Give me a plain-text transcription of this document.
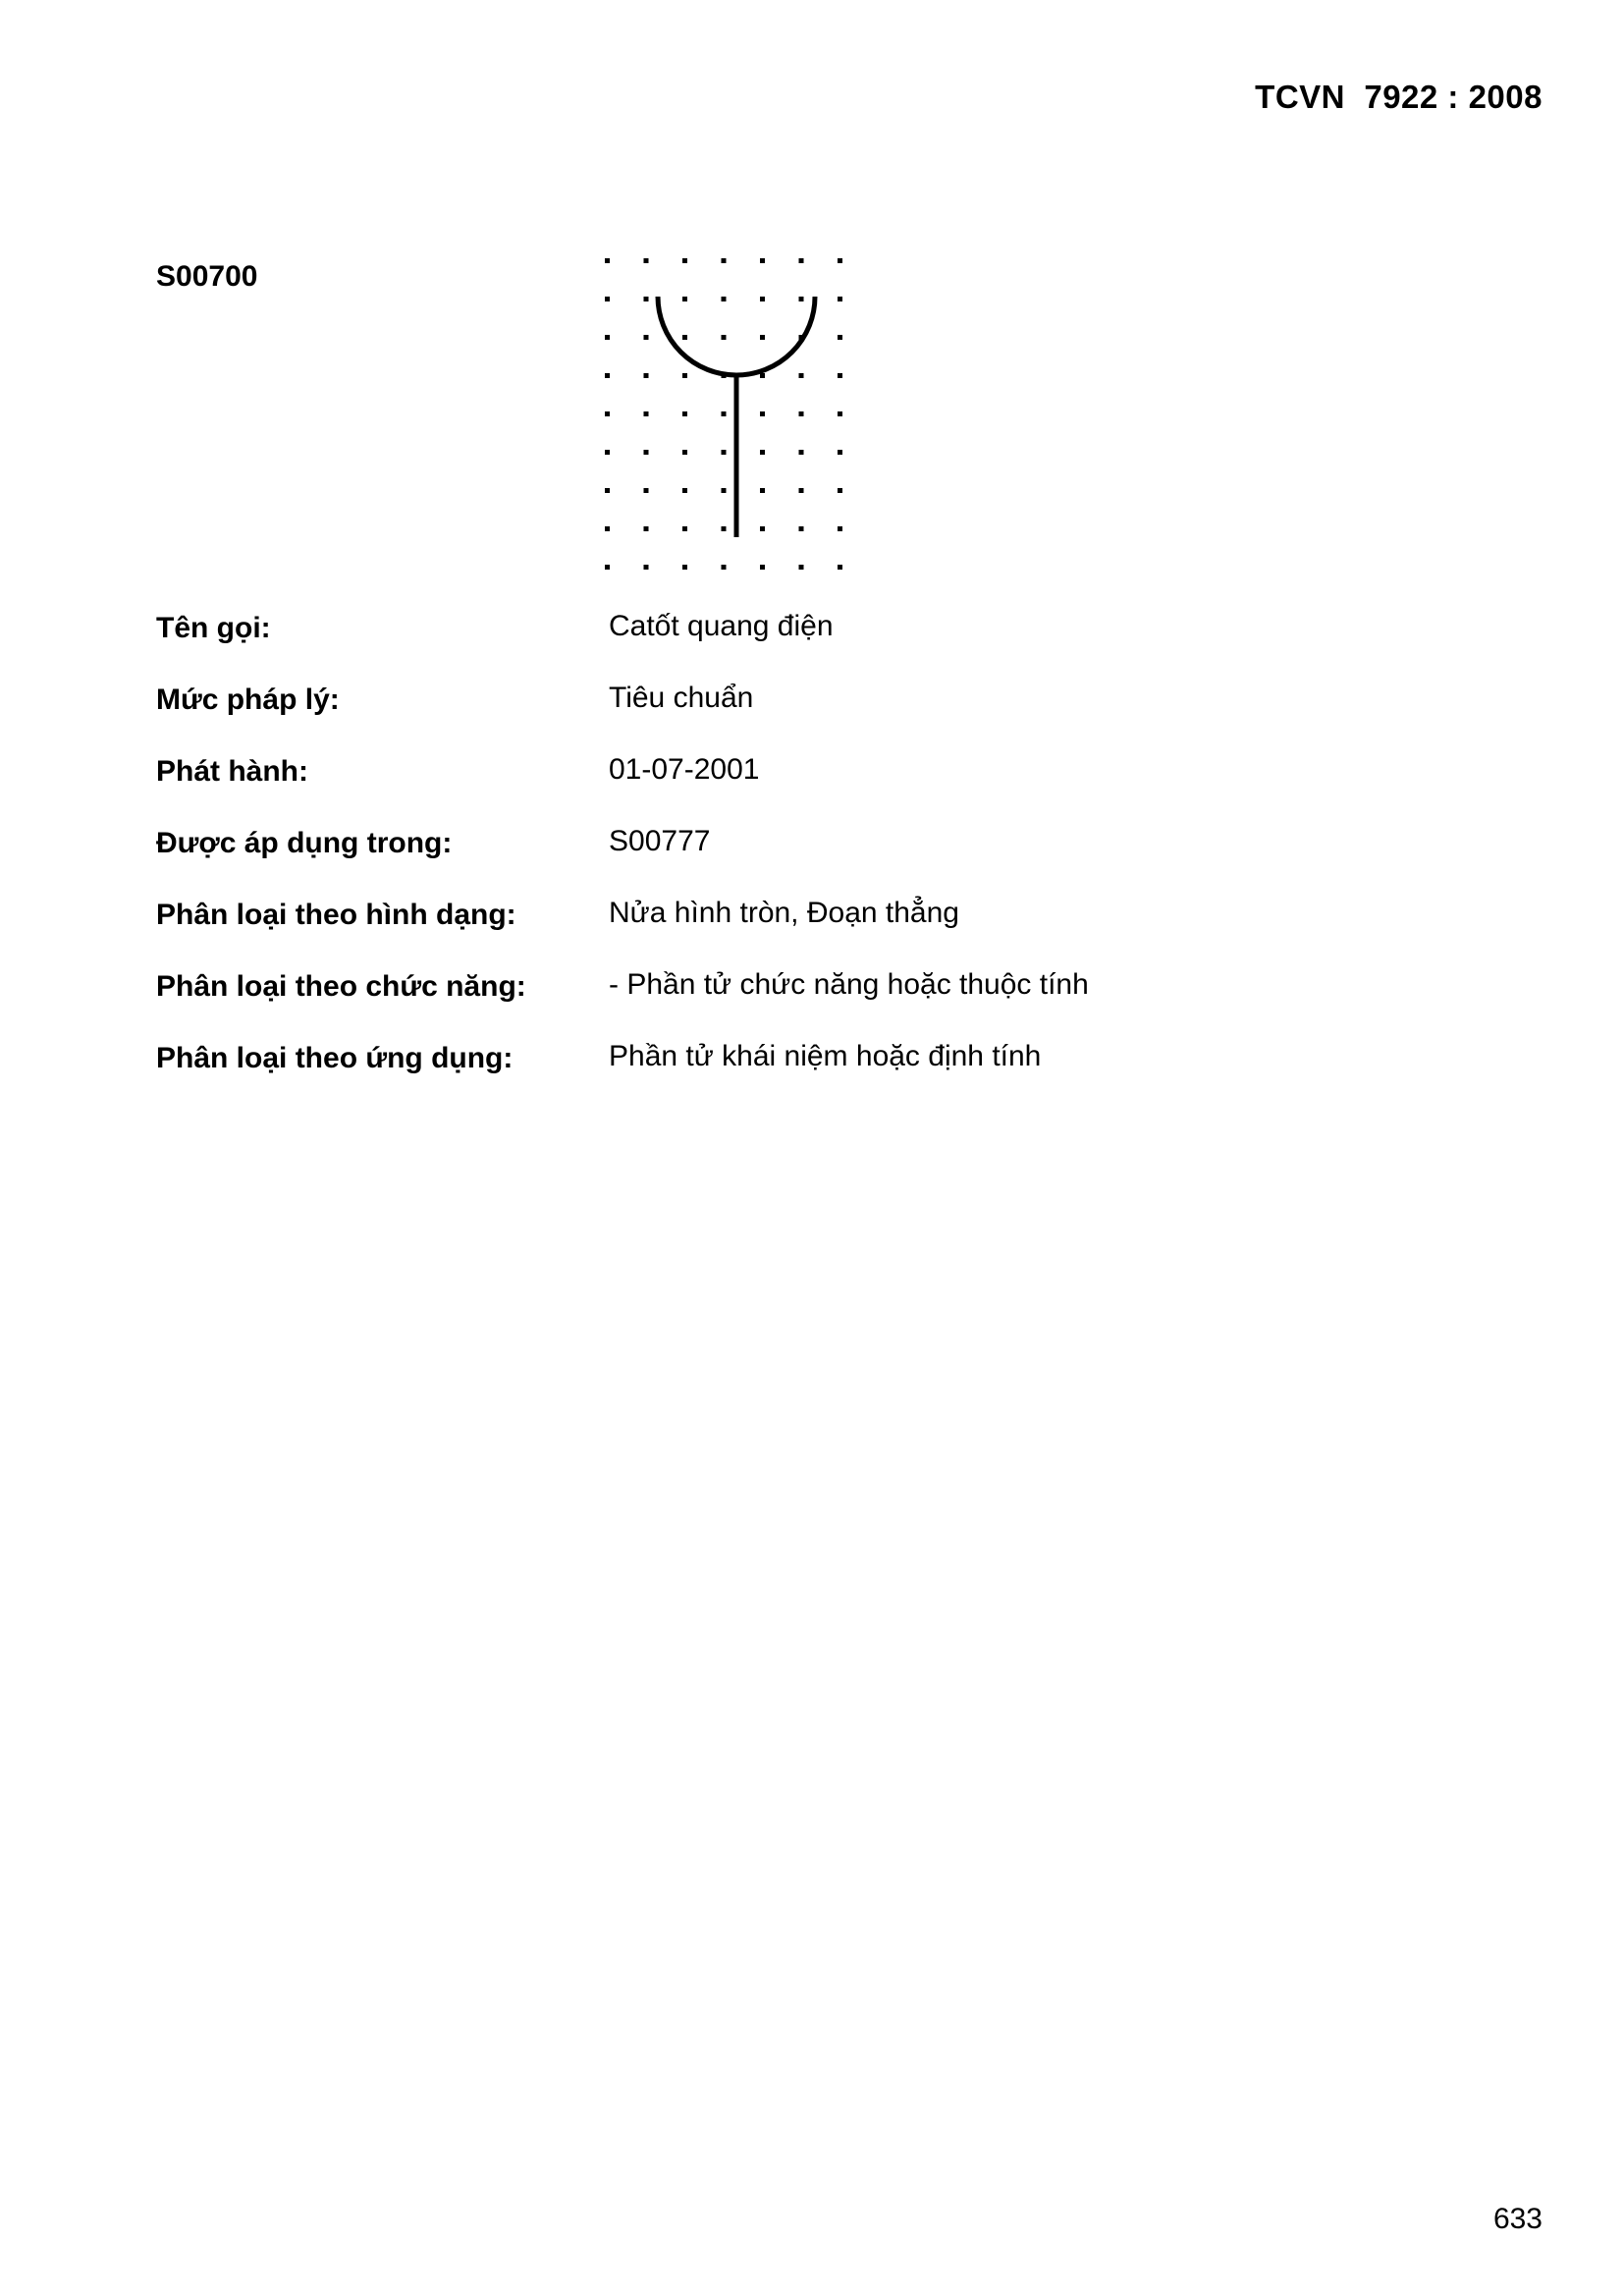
TCVN  7922 : 2008
S00700
Tên gọi:	Catốt quang điện
Mức pháp lý:	Tiêu chuẩn
Phát hành:	01-07-2001
Được áp dụng trong:	S00777
Phân loại theo hình dạng:	Nửa hình tròn, Đoạn thẳng
Phân loại theo chức năng:	- Phần tử chức năng hoặc thuộc tính
Phân loại theo ứng dụng:	Phần tử khái niệm hoặc định tính
633
